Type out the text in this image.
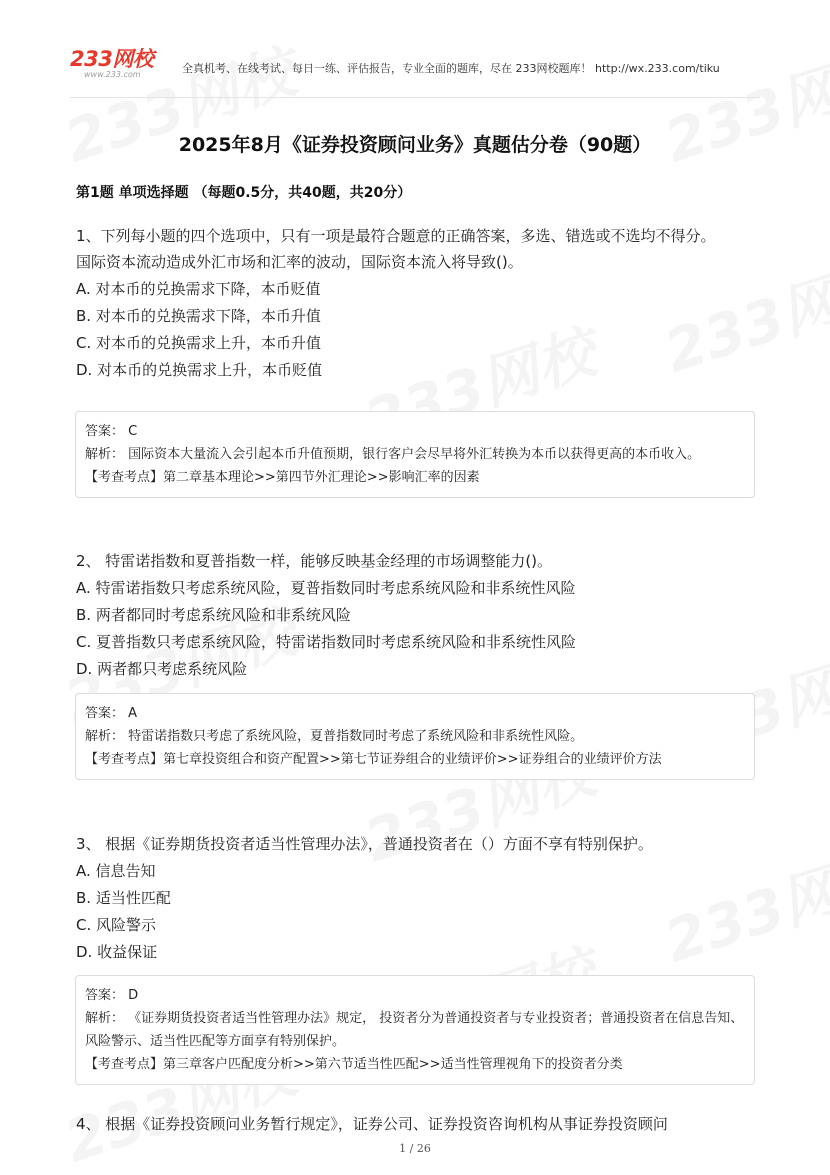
233网校
www.233.com	全真机考、在线考试、每日一练、评估报告，专业全面的题库，尽在 233网校题库！ http://wx.233.com/tiku
2025年8月《证券投资顾问业务》真题估分卷（90题）
第1题 单项选择题 （每题0.5分，共40题，共20分）

1、下列每小题的四个选项中，只有一项是最符合题意的正确答案，多选、错选或不选均不得分。

国际资本流动造成外汇市场和汇率的波动，国际资本流入将导致()。

A. 对本币的兑换需求下降，本币贬值

B. 对本币的兑换需求下降，本币升值

C. 对本币的兑换需求上升，本币升值

D. 对本币的兑换需求上升，本币贬值

答案： C

解析： 国际资本大量流入会引起本币升值预期，银行客户会尽早将外汇转换为本币以获得更高的本币收入。

【考查考点】第二章基本理论>>第四节外汇理论>>影响汇率的因素

2、 特雷诺指数和夏普指数一样，能够反映基金经理的市场调整能力()。

A. 特雷诺指数只考虑系统风险，夏普指数同时考虑系统风险和非系统性风险

B. 两者都同时考虑系统风险和非系统风险

C. 夏普指数只考虑系统风险，特雷诺指数同时考虑系统风险和非系统性风险

D. 两者都只考虑系统风险

答案： A

解析： 特雷诺指数只考虑了系统风险，夏普指数同时考虑了系统风险和非系统性风险。

【考查考点】第七章投资组合和资产配置>>第七节证券组合的业绩评价>>证券组合的业绩评价方法

3、 根据《证券期货投资者适当性管理办法》，普通投资者在（）方面不享有特别保护。

A. 信息告知

B. 适当性匹配

C. 风险警示

D. 收益保证

答案： D

解析： 《证券期货投资者适当性管理办法》规定， 投资者分为普通投资者与专业投资者；普通投资者在信息告知、风险警示、适当性匹配等方面享有特别保护。

【考查考点】第三章客户匹配度分析>>第六节适当性匹配>>适当性管理视角下的投资者分类

4、 根据《证券投资顾问业务暂行规定》，证券公司、证券投资咨询机构从事证券投资顾问

1 / 26
